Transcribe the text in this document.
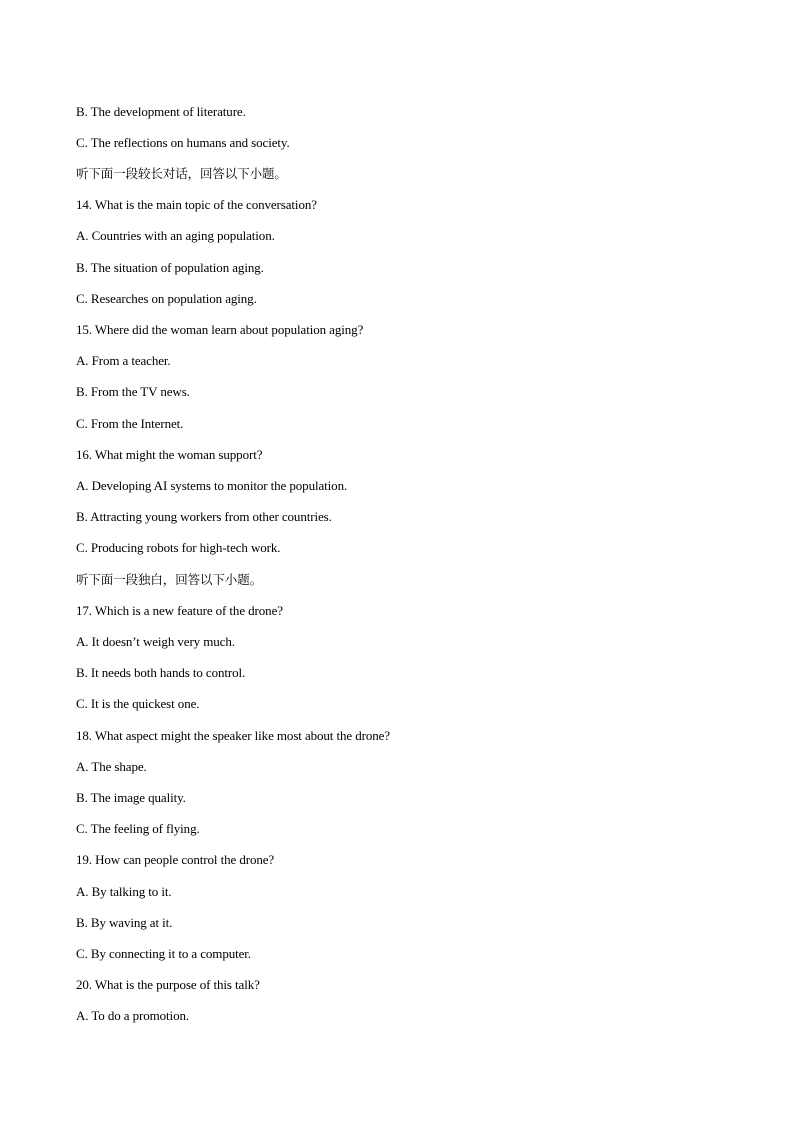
B. The development of literature.
C. The reflections on humans and society.
听下面一段较长对话，回答以下小题。
14. What is the main topic of the conversation?
A. Countries with an aging population.
B. The situation of population aging.
C. Researches on population aging.
15. Where did the woman learn about population aging?
A. From a teacher.
B. From the TV news.
C. From the Internet.
16. What might the woman support?
A. Developing AI systems to monitor the population.
B. Attracting young workers from other countries.
C. Producing robots for high-tech work.
听下面一段独白，回答以下小题。
17. Which is a new feature of the drone?
A. It doesn’t weigh very much.
B. It needs both hands to control.
C. It is the quickest one.
18. What aspect might the speaker like most about the drone?
A. The shape.
B. The image quality.
C. The feeling of flying.
19. How can people control the drone?
A. By talking to it.
B. By waving at it.
C. By connecting it to a computer.
20. What is the purpose of this talk?
A. To do a promotion.
